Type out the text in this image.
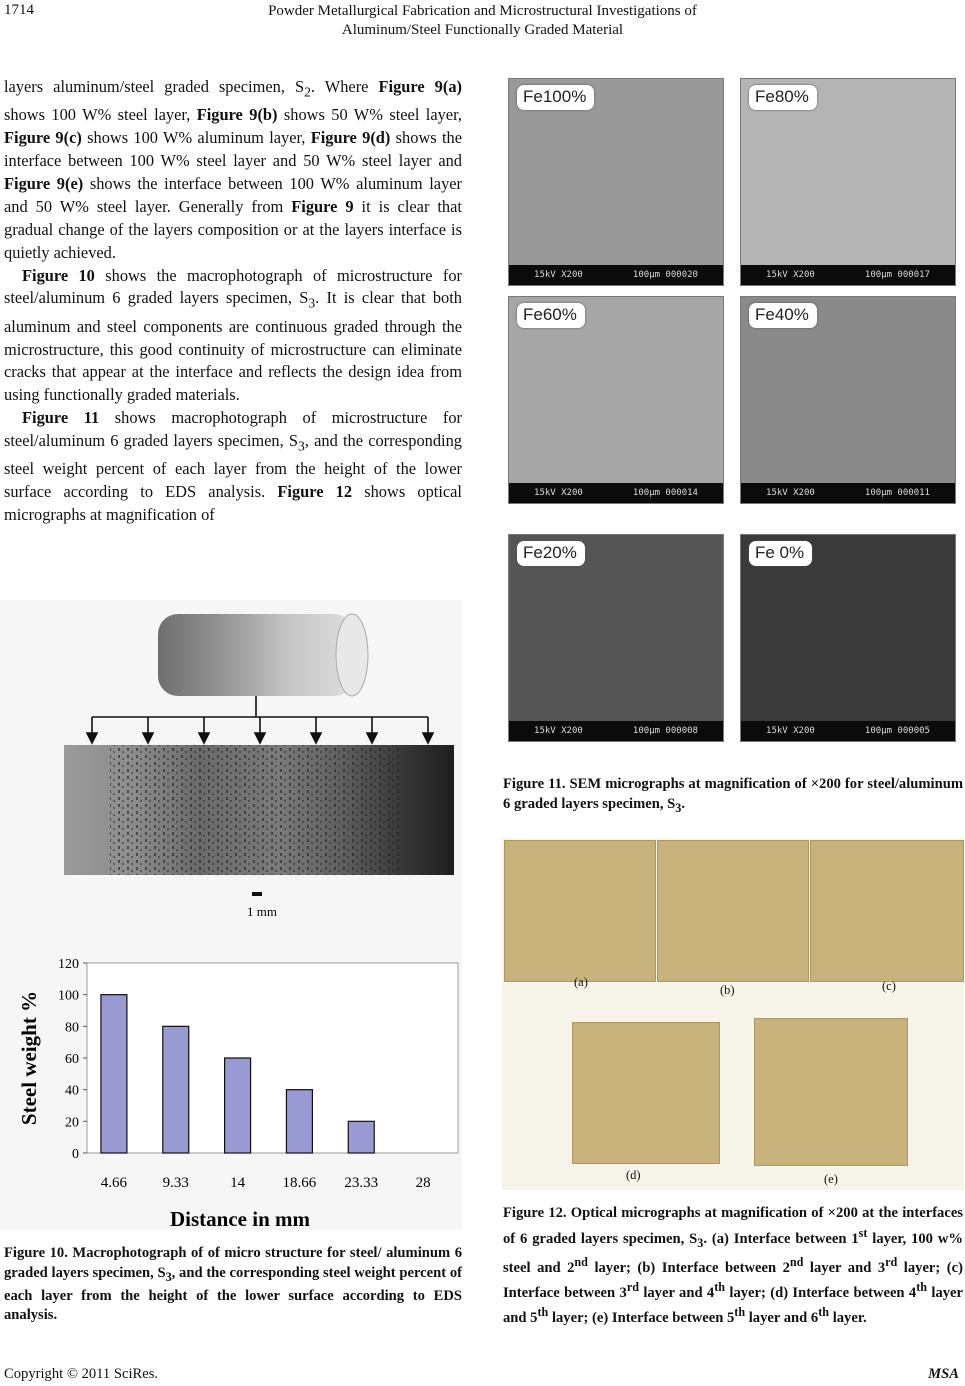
1714	Powder Metallurgical Fabrication and Microstructural Investigations of
Aluminum/Steel Functionally Graded Material

layers aluminum/steel graded specimen, $S_2$. Where Figure 9(a) shows 100 W% steel layer, Figure 9(b) shows 50 W% steel layer, Figure 9(c) shows 100 W% aluminum layer, Figure 9(d) shows the interface between 100 W% steel layer and 50 W% steel layer and Figure 9(e) shows the interface between 100 W% aluminum layer and 50 W% steel layer. Generally from Figure 9 it is clear that gradual change of the layers composition or at the layers interface is quietly achieved.

Figure 10 shows the macrophotograph of microstructure for steel/aluminum 6 graded layers specimen, $S_3$. It is clear that both aluminum and steel components are continuous graded through the microstructure, this good continuity of microstructure can eliminate cracks that appear at the interface and reflects the design idea from using functionally graded materials.

Figure 11 shows macrophotograph of microstructure for steel/aluminum 6 graded layers specimen, $S_3$, and the corresponding steel weight percent of each layer from the height of the lower surface according to EDS analysis. Figure 12 shows optical micrographs at magnification of

1 mm
0
20
40
60
80
100
120
4.66 9.33	14 18.66 23.33 28
Steel weight %
Distance in mm
Figure 10. Macrophotograph of of micro structure for steel/ aluminum 6 graded layers specimen, $S_3$, and the corresponding steel weight percent of each layer from the height of the lower surface according to EDS analysis.
Fe100%
15kV X200	100μm 000020
Fe80%
15kV X200	100μm 000017
Fe60%
15kV X200	100μm 000014
Fe40%
15kV X200	100μm 000011
Fe20%
15kV X200	100μm 000008
Fe 0%
15kV X200	100μm 000005
Figure 11. SEM micrographs at magnification of ×200 for steel/aluminum 6 graded layers specimen, $S_3$.
(a)
(b)	(c)
(d)	(e)
Figure 12. Optical micrographs at magnification of ×200 at the interfaces of 6 graded layers specimen, $S_3$. (a) Interface between 1st layer, 100 w% steel and 2nd layer; (b) Interface between 2nd layer and 3rd layer; (c) Interface between 3rd layer and 4th layer; (d) Interface between 4th layer and 5th layer; (e) Interface between 5th layer and 6th layer.
Copyright © 2011 SciRes.	MSA
